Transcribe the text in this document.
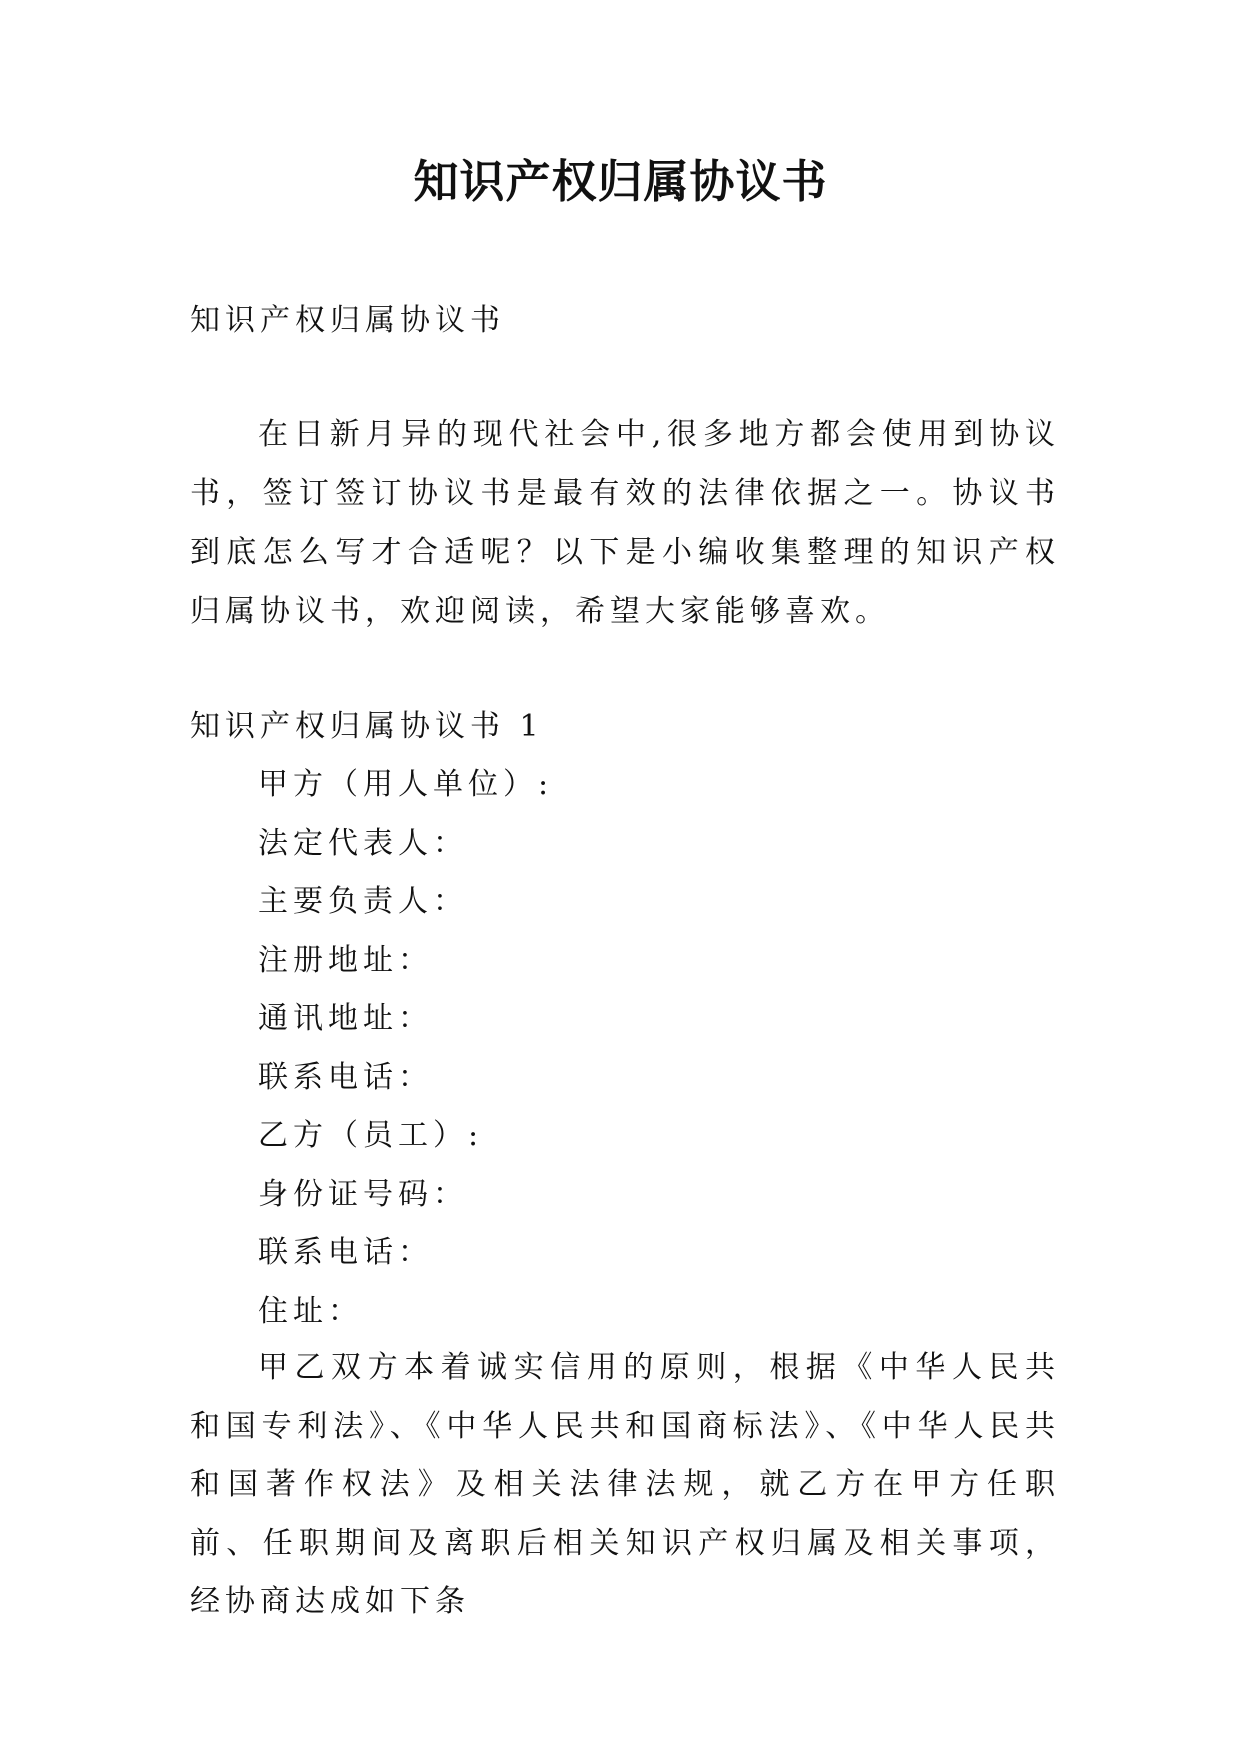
知识产权归属协议书
知识产权归属协议书
在日新月异的现代社会中,很多地方都会使用到协议书，签订签订协议书是最有效的法律依据之一。协议书到底怎么写才合适呢？以下是小编收集整理的知识产权归属协议书，欢迎阅读，希望大家能够喜欢。
知识产权归属协议书 1
甲方（用人单位）:
法定代表人：
主要负责人：
注册地址：
通讯地址：
联系电话：
乙方（员工）:
身份证号码：
联系电话：
住址：
甲乙双方本着诚实信用的原则，根据《中华人民共和国专利法》、《中华人民共和国商标法》、《中华人民共和国著作权法》及相关法律法规，就乙方在甲方任职前、任职期间及离职后相关知识产权归属及相关事项，经协商达成如下条
